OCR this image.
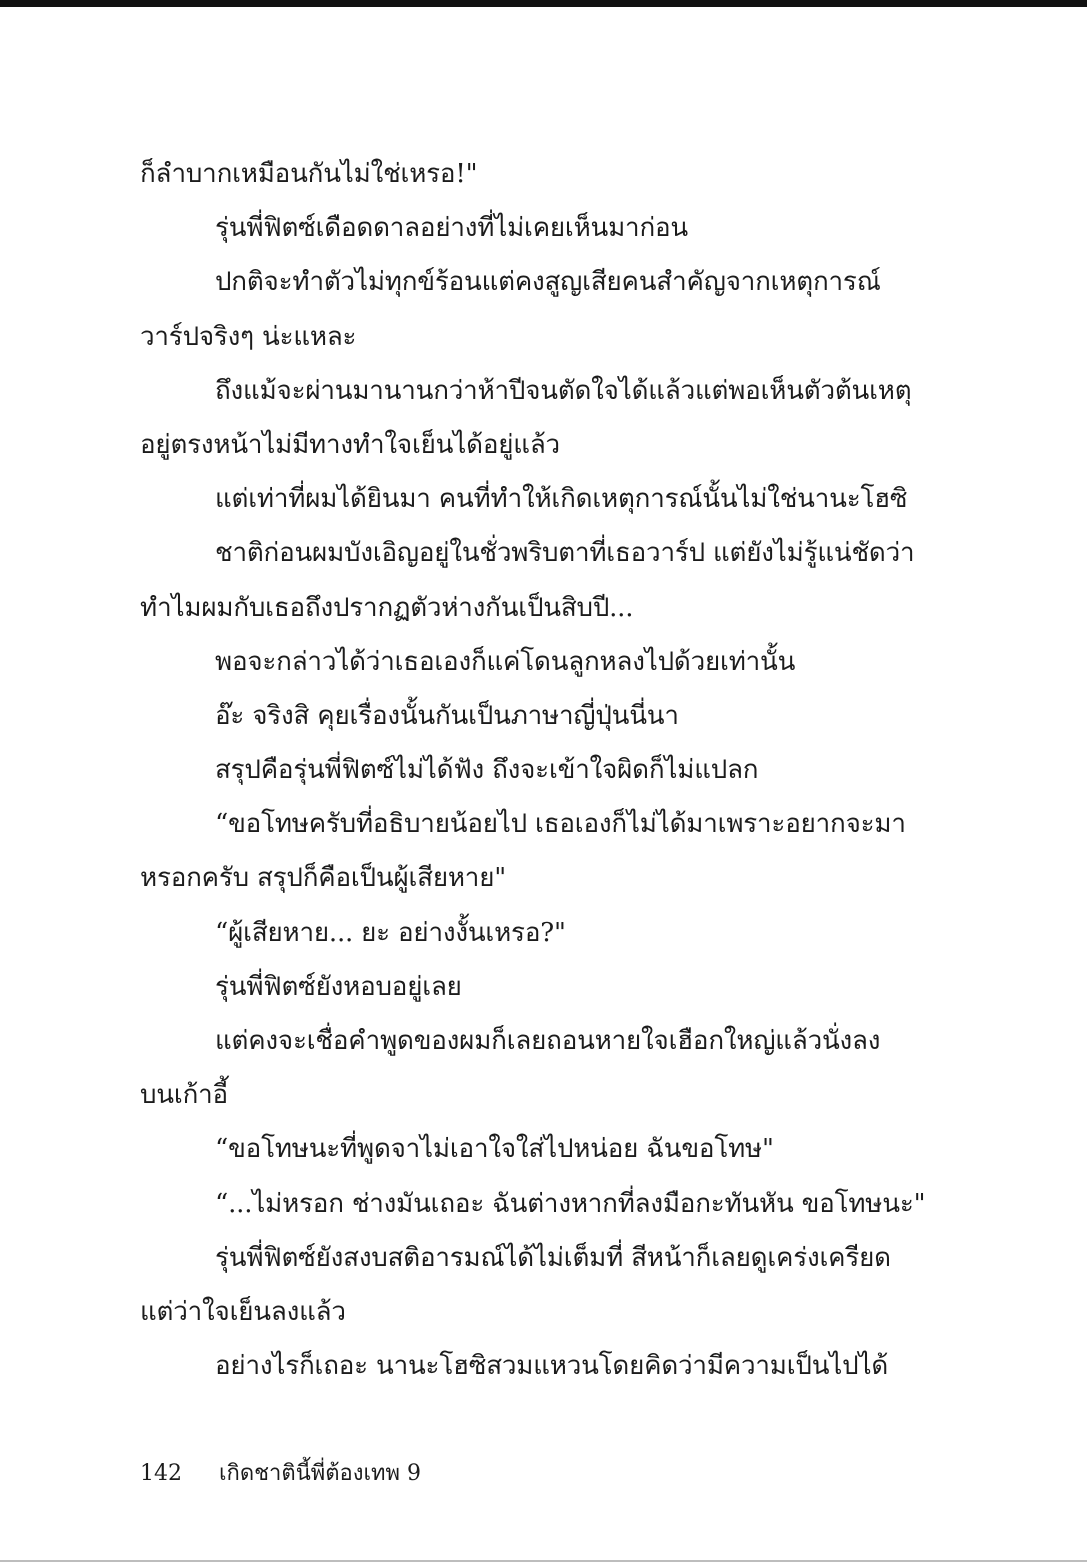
ก็ลำบากเหมือนกันไม่ใช่เหรอ!"
รุ่นพี่ฟิตซ์เดือดดาลอย่างที่ไม่เคยเห็นมาก่อน
ปกติจะทำตัวไม่ทุกข์ร้อนแต่คงสูญเสียคนสำคัญจากเหตุการณ์
วาร์ปจริงๆ น่ะแหละ
ถึงแม้จะผ่านมานานกว่าห้าปีจนตัดใจได้แล้วแต่พอเห็นตัวต้นเหตุ
อยู่ตรงหน้าไม่มีทางทำใจเย็นได้อยู่แล้ว
แต่เท่าที่ผมได้ยินมา คนที่ทำให้เกิดเหตุการณ์นั้นไม่ใช่นานะโฮซิ
ชาติก่อนผมบังเอิญอยู่ในชั่วพริบตาที่เธอวาร์ป แต่ยังไม่รู้แน่ชัดว่า
ทำไมผมกับเธอถึงปรากฏตัวห่างกันเป็นสิบปี...
พอจะกล่าวได้ว่าเธอเองก็แค่โดนลูกหลงไปด้วยเท่านั้น
อ๊ะ จริงสิ คุยเรื่องนั้นกันเป็นภาษาญี่ปุ่นนี่นา
สรุปคือรุ่นพี่ฟิตซ์ไม่ได้ฟัง ถึงจะเข้าใจผิดก็ไม่แปลก
“ขอโทษครับที่อธิบายน้อยไป เธอเองก็ไม่ได้มาเพราะอยากจะมา
หรอกครับ สรุปก็คือเป็นผู้เสียหาย"
“ผู้เสียหาย... ยะ อย่างงั้นเหรอ?"
รุ่นพี่ฟิตซ์ยังหอบอยู่เลย
แต่คงจะเชื่อคำพูดของผมก็เลยถอนหายใจเฮือกใหญ่แล้วนั่งลง
บนเก้าอี้
“ขอโทษนะที่พูดจาไม่เอาใจใส่ไปหน่อย ฉันขอโทษ"
“...ไม่หรอก ช่างมันเถอะ ฉันต่างหากที่ลงมือกะทันหัน ขอโทษนะ"
รุ่นพี่ฟิตซ์ยังสงบสติอารมณ์ได้ไม่เต็มที่ สีหน้าก็เลยดูเคร่งเครียด
แต่ว่าใจเย็นลงแล้ว
อย่างไรก็เถอะ นานะโฮซิสวมแหวนโดยคิดว่ามีความเป็นไปได้
142 เกิดชาตินี้พี่ต้องเทพ 9
